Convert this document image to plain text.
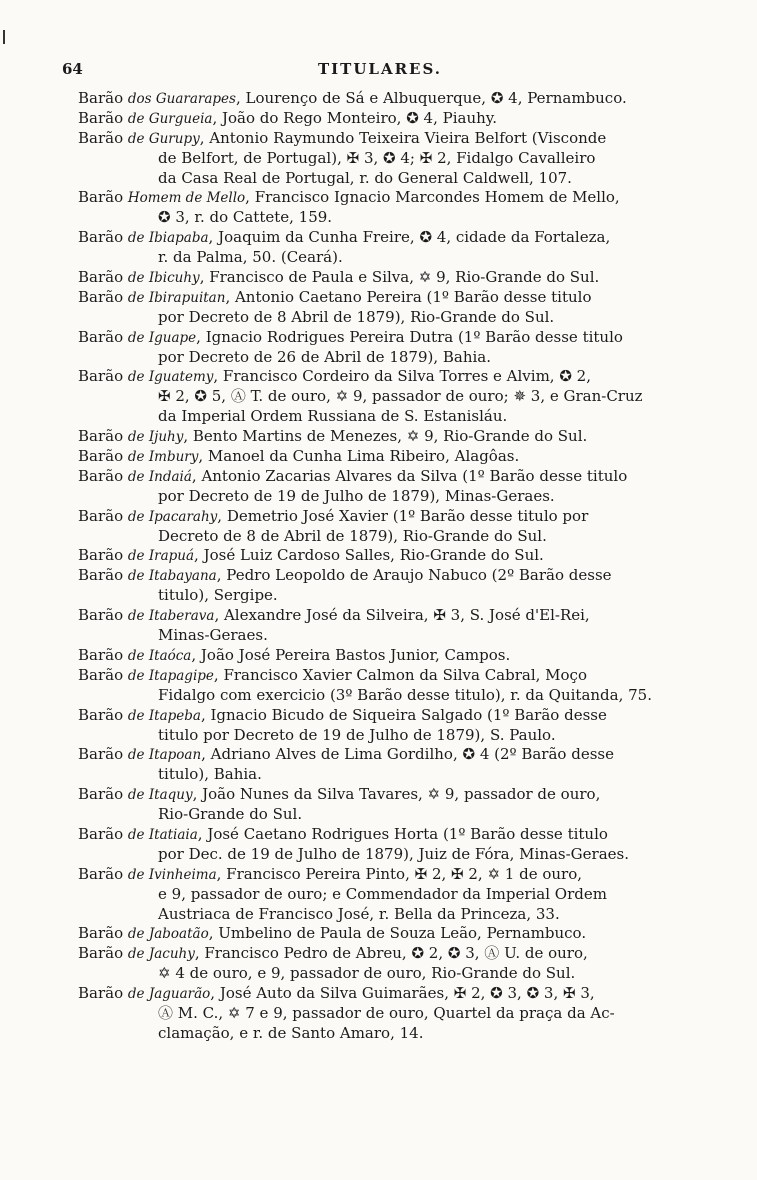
64	TITULARES.
Barão dos Guararapes, Lourenço de Sá e Albuquerque, ✪ 4, Pernambuco.
Barão de Gurgueia, João do Rego Monteiro, ✪ 4, Piauhy.
Barão de Gurupy, Antonio Raymundo Teixeira Vieira Belfort (Visconde
de Belfort, de Portugal), ✠ 3, ✪ 4; ✠ 2, Fidalgo Cavalleiro
da Casa Real de Portugal, r. do General Caldwell, 107.
Barão Homem de Mello, Francisco Ignacio Marcondes Homem de Mello,
✪ 3, r. do Cattete, 159.
Barão de Ibiapaba, Joaquim da Cunha Freire, ✪ 4, cidade da Fortaleza,
r. da Palma, 50. (Ceará).
Barão de Ibicuhy, Francisco de Paula e Silva, ✡ 9, Rio-Grande do Sul.
Barão de Ibirapuitan, Antonio Caetano Pereira (1º Barão desse titulo
por Decreto de 8 Abril de 1879), Rio-Grande do Sul.
Barão de Iguape, Ignacio Rodrigues Pereira Dutra (1º Barão desse titulo
por Decreto de 26 de Abril de 1879), Bahia.
Barão de Iguatemy, Francisco Cordeiro da Silva Torres e Alvim, ✪ 2,
✠ 2, ✪ 5, Ⓐ T. de ouro, ✡ 9, passador de ouro; ✵ 3, e Gran-Cruz
da Imperial Ordem Russiana de S. Estanisláu.
Barão de Ijuhy, Bento Martins de Menezes, ✡ 9, Rio-Grande do Sul.
Barão de Imbury, Manoel da Cunha Lima Ribeiro, Alagôas.
Barão de Indaiá, Antonio Zacarias Alvares da Silva (1º Barão desse titulo
por Decreto de 19 de Julho de 1879), Minas-Geraes.
Barão de Ipacarahy, Demetrio José Xavier (1º Barão desse titulo por
Decreto de 8 de Abril de 1879), Rio-Grande do Sul.
Barão de Irapuá, José Luiz Cardoso Salles, Rio-Grande do Sul.
Barão de Itabayana, Pedro Leopoldo de Araujo Nabuco (2º Barão desse
titulo), Sergipe.
Barão de Itaberava, Alexandre José da Silveira, ✠ 3, S. José d'El-Rei,
Minas-Geraes.
Barão de Itaóca, João José Pereira Bastos Junior, Campos.
Barão de Itapagipe, Francisco Xavier Calmon da Silva Cabral, Moço
Fidalgo com exercicio (3º Barão desse titulo), r. da Quitanda, 75.
Barão de Itapeba, Ignacio Bicudo de Siqueira Salgado (1º Barão desse
titulo por Decreto de 19 de Julho de 1879), S. Paulo.
Barão de Itapoan, Adriano Alves de Lima Gordilho, ✪ 4 (2º Barão desse
titulo), Bahia.
Barão de Itaquy, João Nunes da Silva Tavares, ✡ 9, passador de ouro,
Rio-Grande do Sul.
Barão de Itatiaia, José Caetano Rodrigues Horta (1º Barão desse titulo
por Dec. de 19 de Julho de 1879), Juiz de Fóra, Minas-Geraes.
Barão de Ivinheima, Francisco Pereira Pinto, ✠ 2, ✠ 2, ✡ 1 de ouro,
e 9, passador de ouro; e Commendador da Imperial Ordem
Austriaca de Francisco José, r. Bella da Princeza, 33.
Barão de Jaboatão, Umbelino de Paula de Souza Leão, Pernambuco.
Barão de Jacuhy, Francisco Pedro de Abreu, ✪ 2, ✪ 3, Ⓐ U. de ouro,
✡ 4 de ouro, e 9, passador de ouro, Rio-Grande do Sul.
Barão de Jaguarão, José Auto da Silva Guimarães, ✠ 2, ✪ 3, ✪ 3, ✠ 3,
Ⓐ M. C., ✡ 7 e 9, passador de ouro, Quartel da praça da Ac-
clamação, e r. de Santo Amaro, 14.
